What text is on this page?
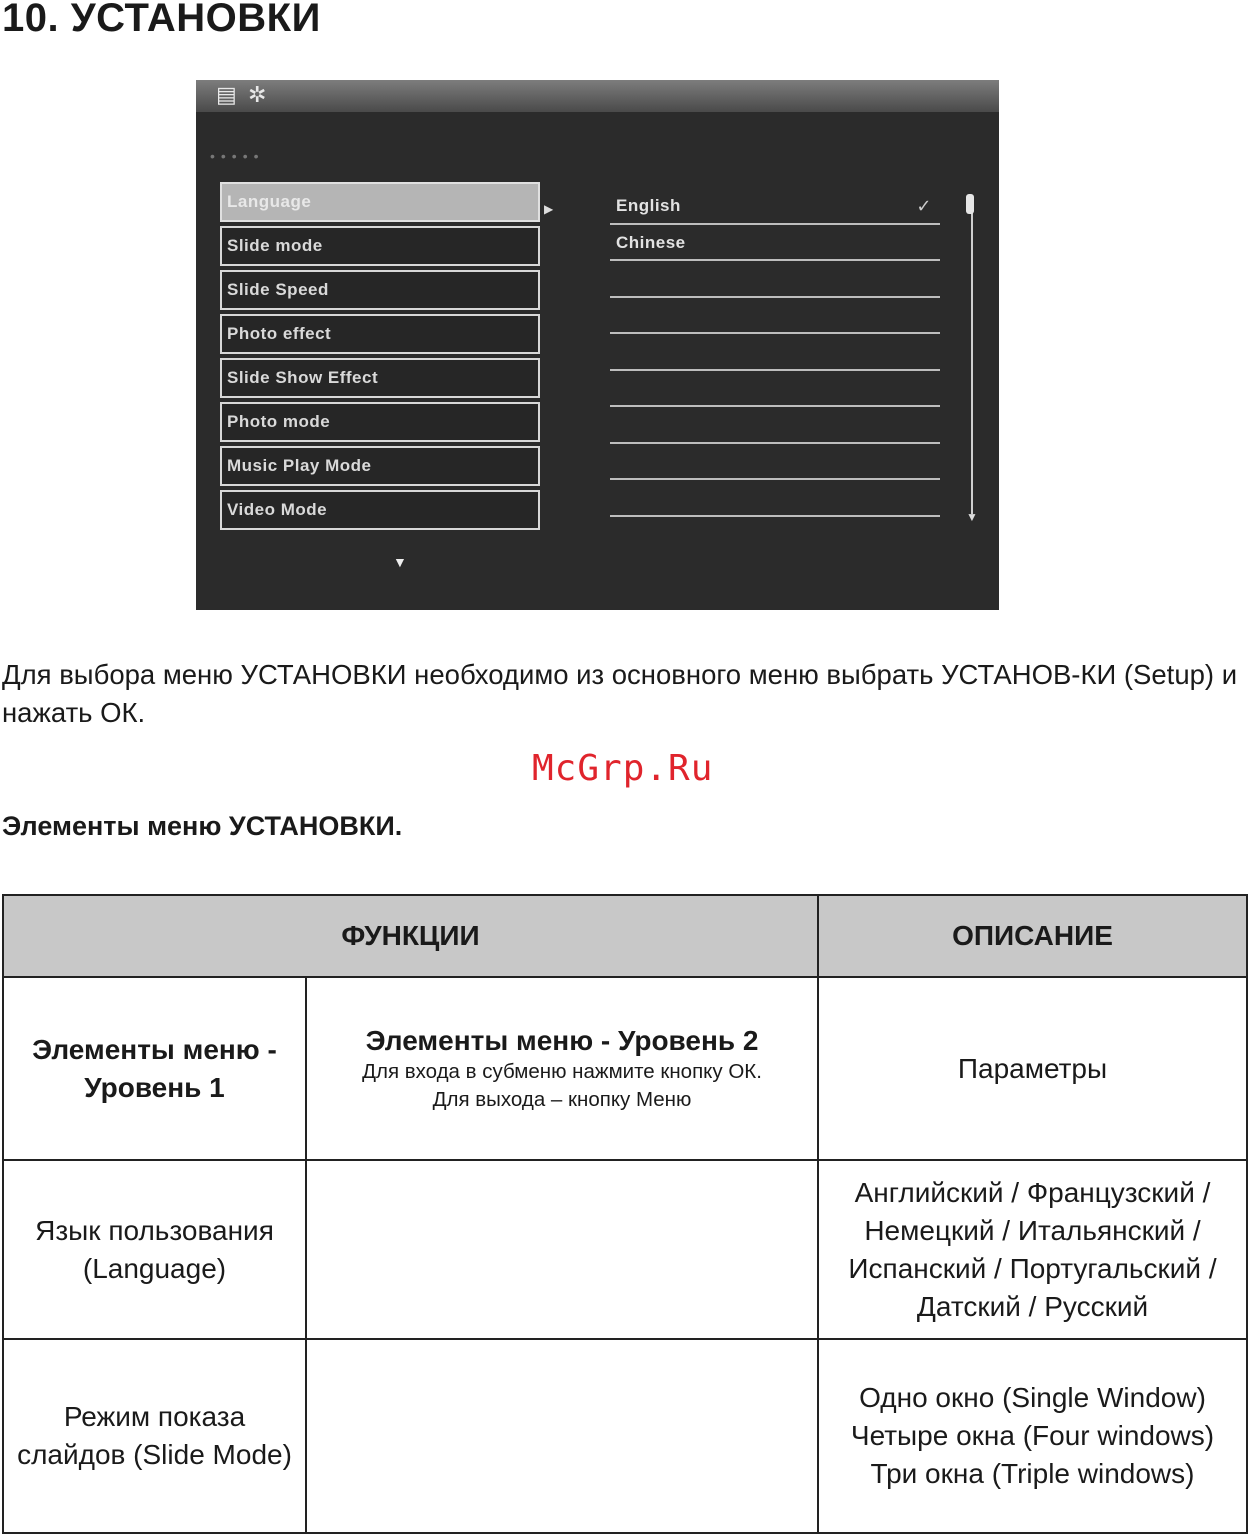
10. УСТАНОВКИ
▤ ✲
•••••
Language
Slide mode
Slide Speed
Photo effect
Slide Show Effect
Photo mode
Music Play Mode
Video Mode
▶
▼
English	✓
Chinese
▼

Для выбора меню УСТАНОВКИ необходимо из основного меню выбрать УСТАНОВ-КИ (Setup) и нажать ОК.

McGrp.Ru

Элементы меню УСТАНОВКИ.
ФУНКЦИИ		ОПИСАНИЕ
Элементы меню - Уровень 1	Элементы меню - Уровень 2
Для входа в субменю нажмите кнопку ОК.
Для выхода – кнопку Меню	Параметры
Язык пользования (Language)		Английский / Французский / Немецкий / Итальянский / Испанский / Португальский / Датский / Русский
Режим показа слайдов (Slide Mode)		Одно окно (Single Window)
Четыре окна (Four windows)
Три окна (Triple windows)
